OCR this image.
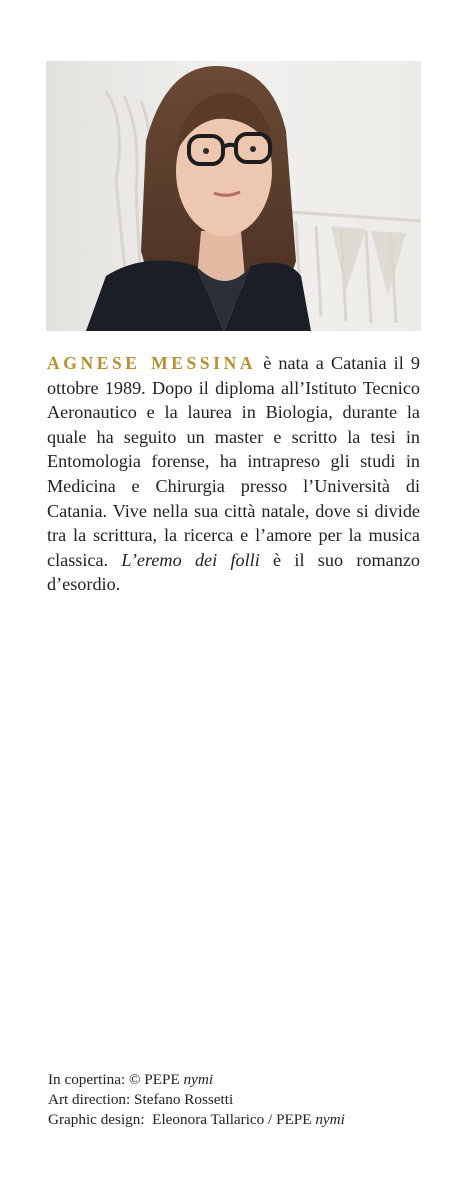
AGNESE MESSINA è nata a Catania il 9 ottobre 1989. Dopo il diploma all’Istituto Tecnico Aeronautico e la laurea in Biologia, durante la quale ha seguito un master e scritto la tesi in Entomologia forense, ha intrapreso gli studi in Medicina e Chirurgia presso l’Università di Catania. Vive nella sua città natale, dove si divide tra la scrittura, la ricerca e l’amore per la musica classica. L’eremo dei folli è il suo romanzo d’esordio.
In copertina: © PEPE nymi
Art direction: Stefano Rossetti
Graphic design:  Eleonora Tallarico / PEPE nymi
